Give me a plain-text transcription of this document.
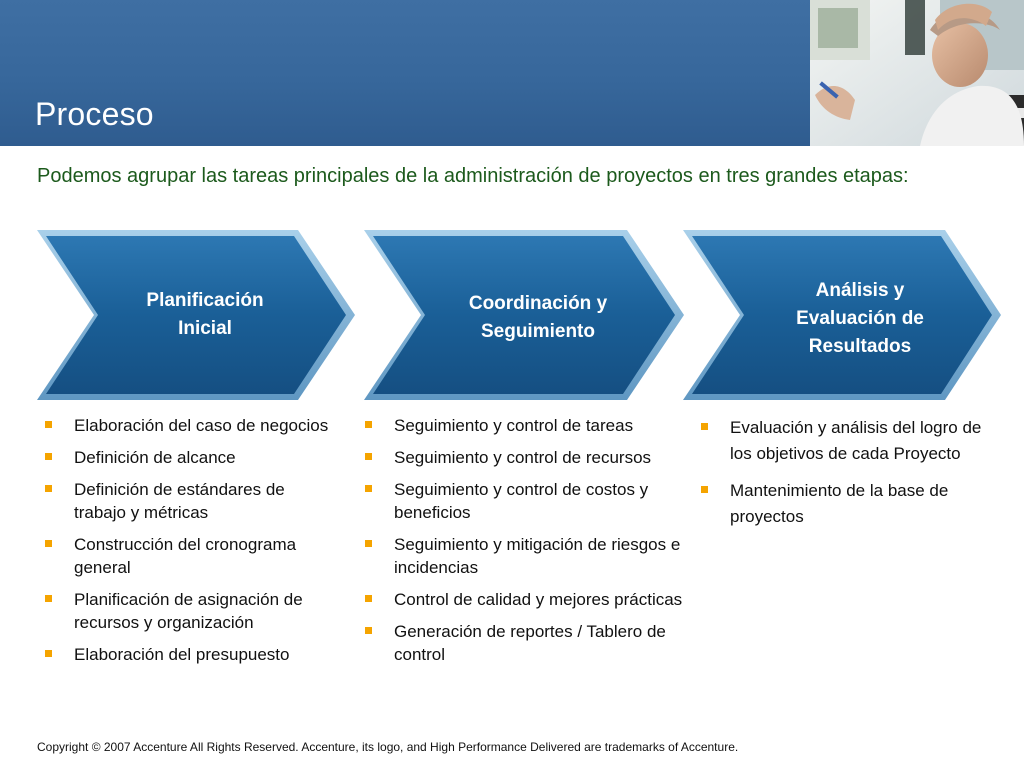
Proceso
Podemos agrupar las tareas principales de la administración de proyectos en tres grandes etapas:
Planificación
Inicial
Coordinación y
Seguimiento
Análisis y
Evaluación de
Resultados
Elaboración del caso de negocios
Definición de alcance
Definición de estándares de trabajo y métricas
Construcción del cronograma general
Planificación de asignación de recursos y organización
Elaboración del presupuesto
Seguimiento y control de tareas
Seguimiento y control de recursos
Seguimiento y control de costos y beneficios
Seguimiento y mitigación de riesgos e incidencias
Control de calidad y mejores prácticas
Generación de reportes / Tablero de control
Evaluación y análisis del logro de los objetivos de cada Proyecto
Mantenimiento de la base de proyectos
Copyright © 2007 Accenture All Rights Reserved. Accenture, its logo, and High Performance Delivered are trademarks of Accenture.
